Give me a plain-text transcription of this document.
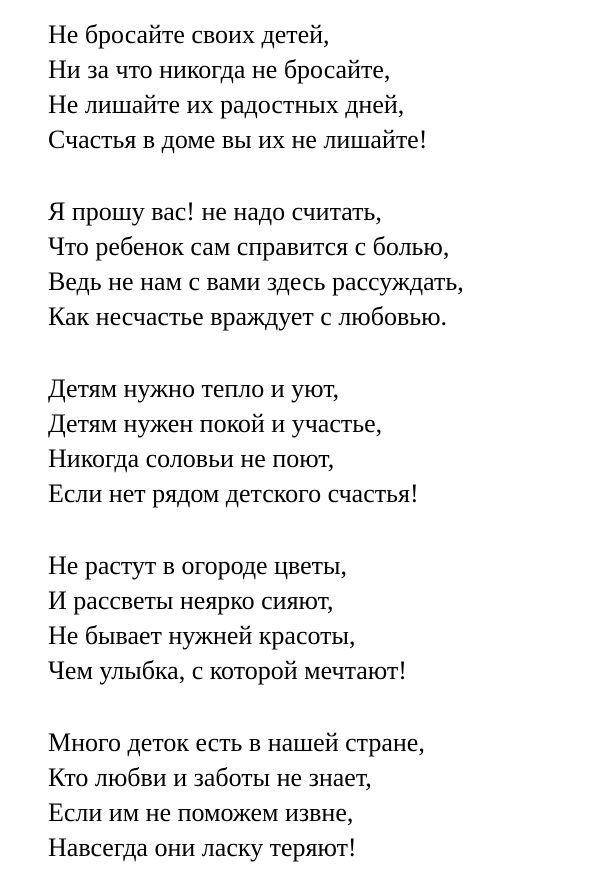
Не бросайте своих детей,
Ни за что никогда не бросайте,
Не лишайте их радостных дней,
Счастья в доме вы их не лишайте!
Я прошу вас! не надо считать,
Что ребенок сам справится с болью,
Ведь не нам с вами здесь рассуждать,
Как несчастье враждует с любовью.
Детям нужно тепло и уют,
Детям нужен покой и участье,
Никогда соловьи не поют,
Если нет рядом детского счастья!
Не растут в огороде цветы,
И рассветы неярко сияют,
Не бывает нужней красоты,
Чем улыбка, с которой мечтают!
Много деток есть в нашей стране,
Кто любви и заботы не знает,
Если им не поможем извне,
Навсегда они ласку теряют!
